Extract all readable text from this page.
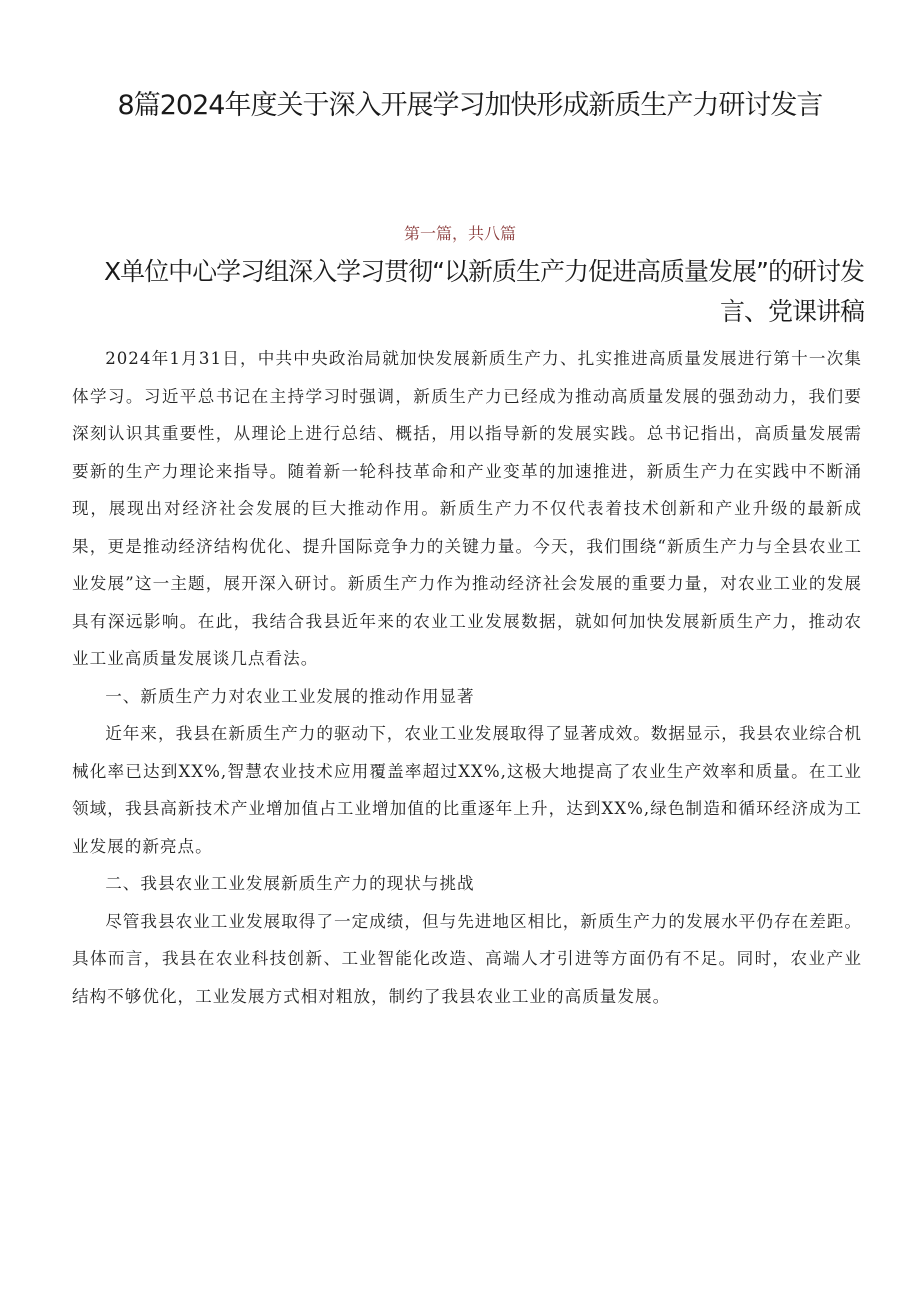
8篇2024年度关于深入开展学习加快形成新质生产力研讨发言
第一篇，共八篇
X单位中心学习组深入学习贯彻“以新质生产力促进高质量发展”的研讨发言、党课讲稿

2024年1月31日，中共中央政治局就加快发展新质生产力、扎实推进高质量发展进行第十一次集体学习。习近平总书记在主持学习时强调，新质生产力已经成为推动高质量发展的强劲动力，我们要深刻认识其重要性，从理论上进行总结、概括，用以指导新的发展实践。总书记指出，高质量发展需要新的生产力理论来指导。随着新一轮科技革命和产业变革的加速推进，新质生产力在实践中不断涌现，展现出对经济社会发展的巨大推动作用。新质生产力不仅代表着技术创新和产业升级的最新成果，更是推动经济结构优化、提升国际竞争力的关键力量。今天，我们围绕“新质生产力与全县农业工业发展”这一主题，展开深入研讨。新质生产力作为推动经济社会发展的重要力量，对农业工业的发展具有深远影响。在此，我结合我县近年来的农业工业发展数据，就如何加快发展新质生产力，推动农业工业高质量发展谈几点看法。

一、新质生产力对农业工业发展的推动作用显著

近年来，我县在新质生产力的驱动下，农业工业发展取得了显著成效。数据显示，我县农业综合机械化率已达到XX%,智慧农业技术应用覆盖率超过XX%,这极大地提高了农业生产效率和质量。在工业领域，我县高新技术产业增加值占工业增加值的比重逐年上升，达到XX%,绿色制造和循环经济成为工业发展的新亮点。

二、我县农业工业发展新质生产力的现状与挑战

尽管我县农业工业发展取得了一定成绩，但与先进地区相比，新质生产力的发展水平仍存在差距。具体而言，我县在农业科技创新、工业智能化改造、高端人才引进等方面仍有不足。同时，农业产业结构不够优化，工业发展方式相对粗放，制约了我县农业工业的高质量发展。
